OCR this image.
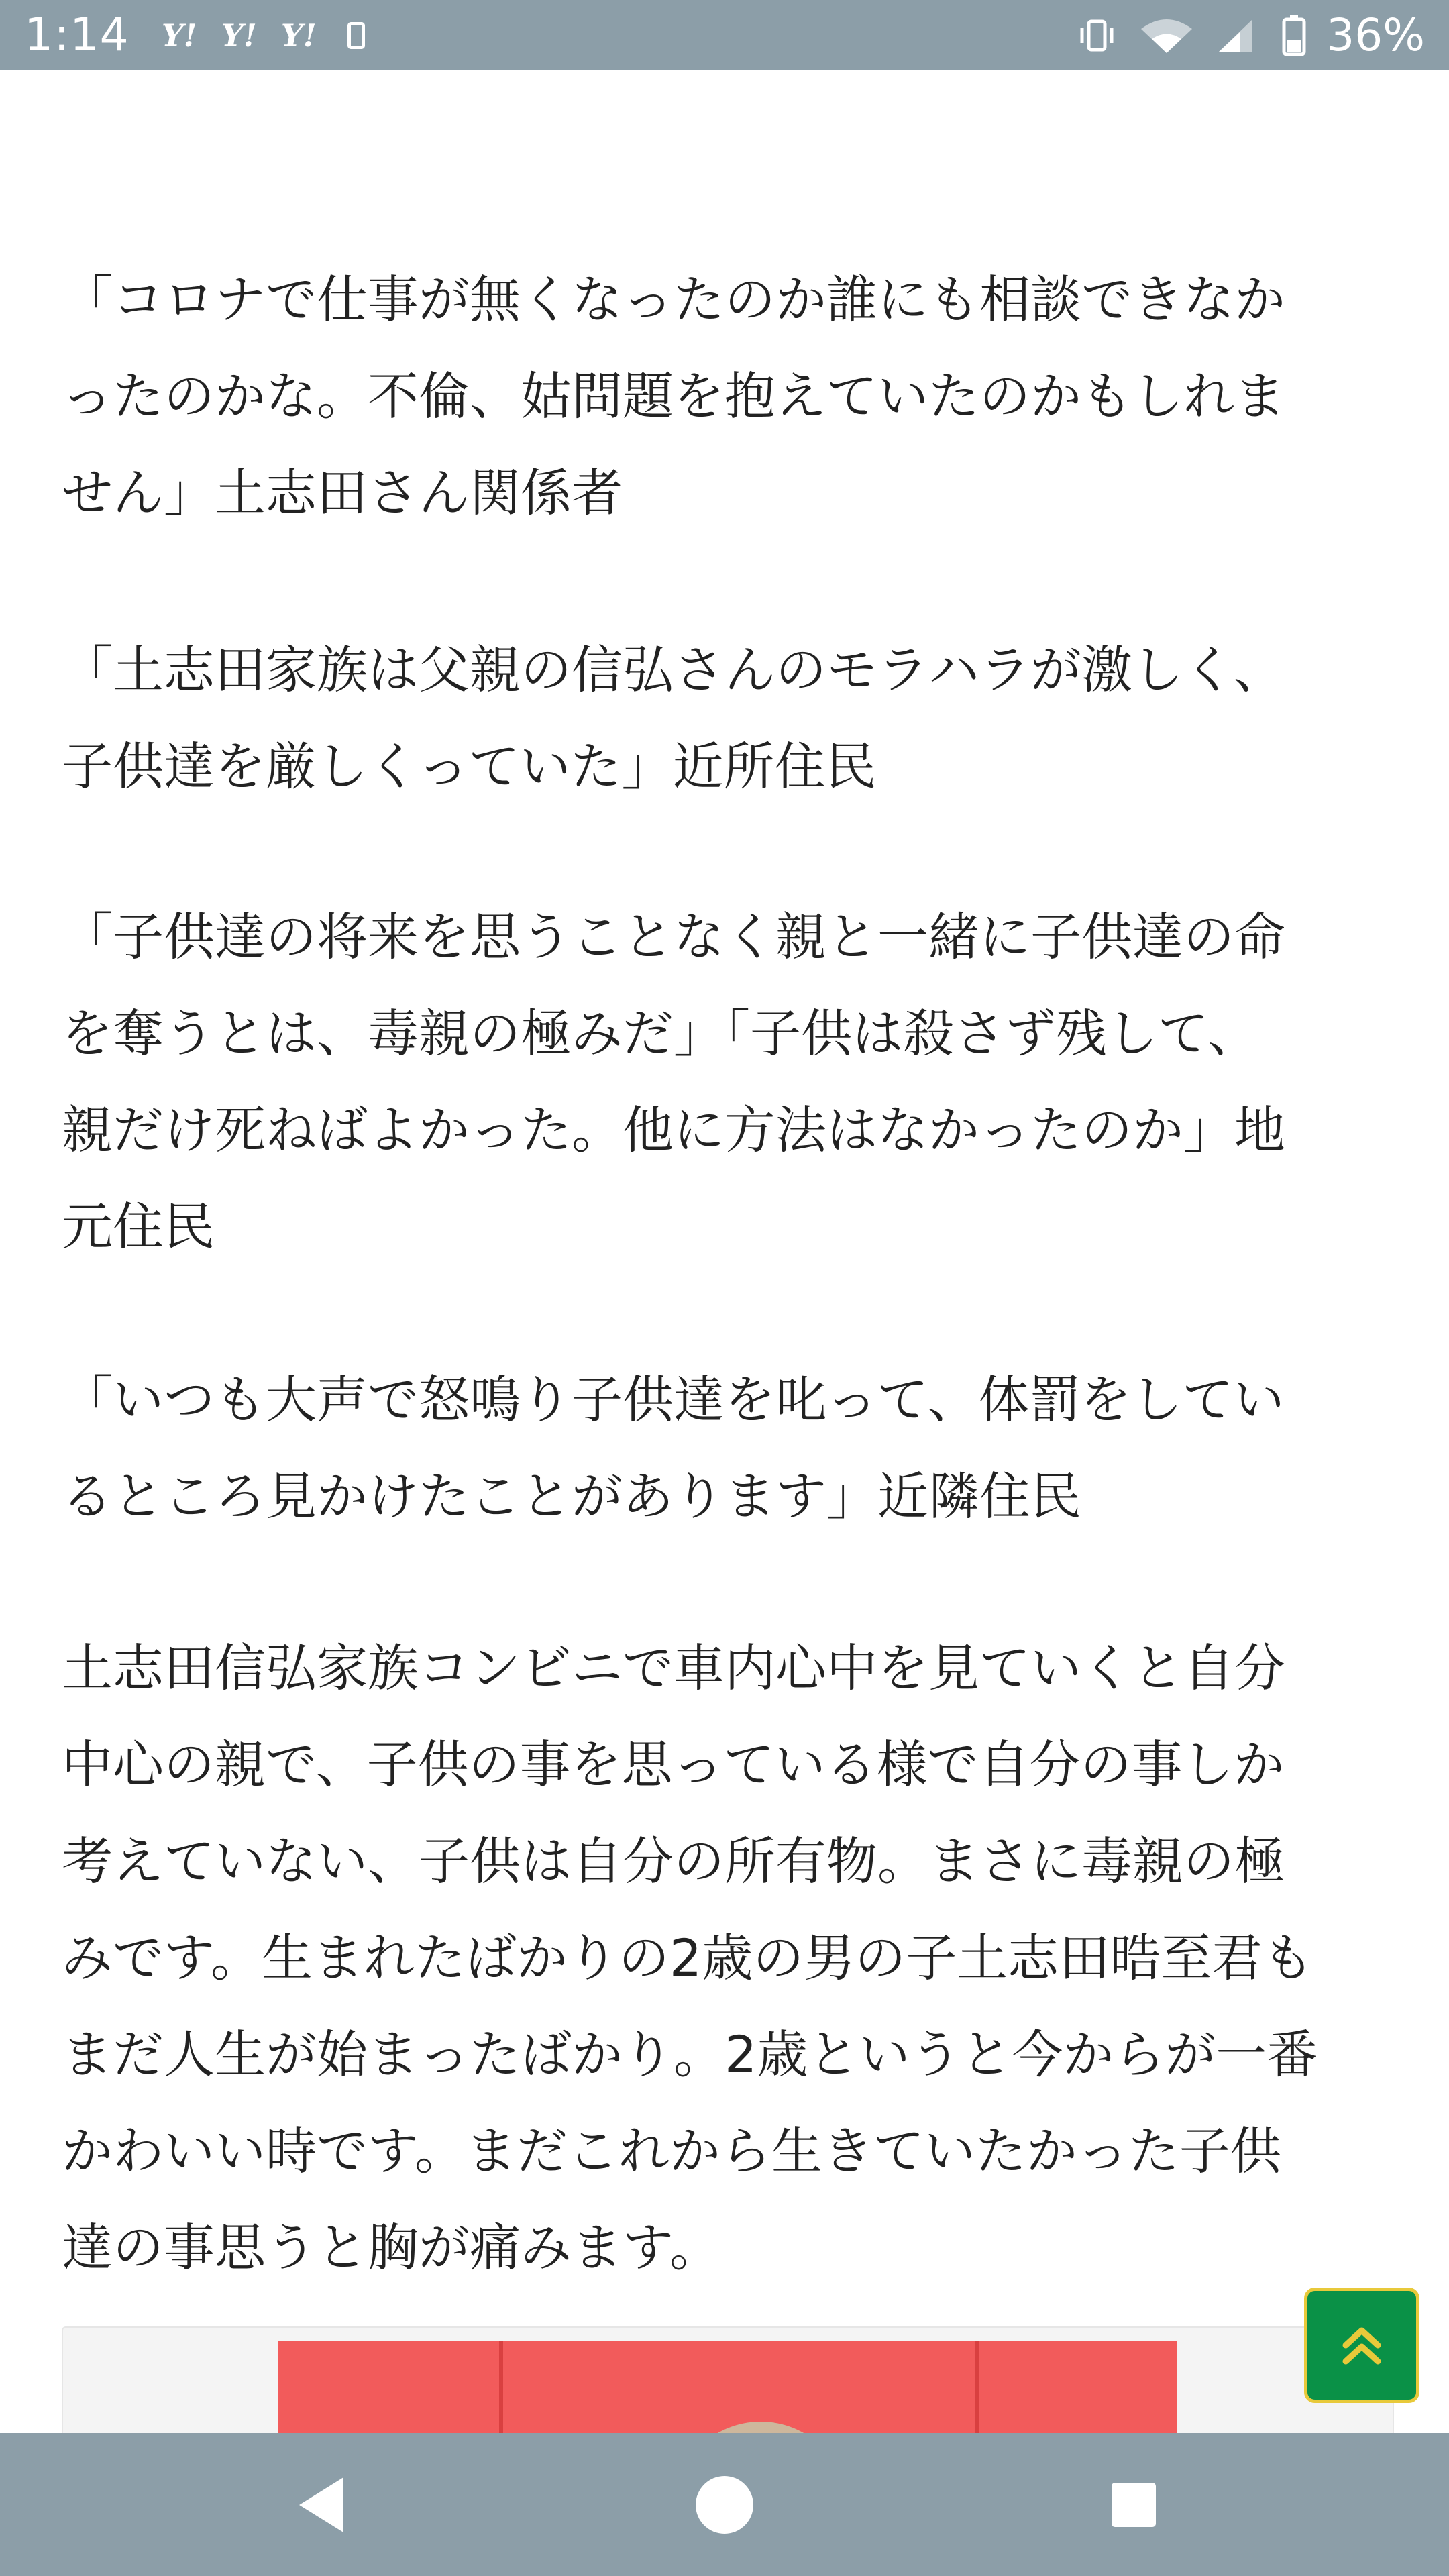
1:14 Y! Y! Y!	36%
「コロナで仕事が無くなったのか誰にも相談できなか
ったのかな。不倫、姑問題を抱えていたのかもしれま
せん」土志田さん関係者
「土志田家族は父親の信弘さんのモラハラが激しく、
子供達を厳しくっていた」近所住民
「子供達の将来を思うことなく親と一緒に子供達の命
を奪うとは、毒親の極みだ」「子供は殺さず残して、
親だけ死ねばよかった。他に方法はなかったのか」地
元住民
「いつも大声で怒鳴り子供達を叱って、体罰をしてい
るところ見かけたことがあります」近隣住民
土志田信弘家族コンビニで車内心中を見ていくと自分
中心の親で、子供の事を思っている様で自分の事しか
考えていない、子供は自分の所有物。まさに毒親の極
みです。生まれたばかりの2歳の男の子土志田晧至君も
まだ人生が始まったばかり。2歳というと今からが一番
かわいい時です。まだこれから生きていたかった子供
達の事思うと胸が痛みます。
